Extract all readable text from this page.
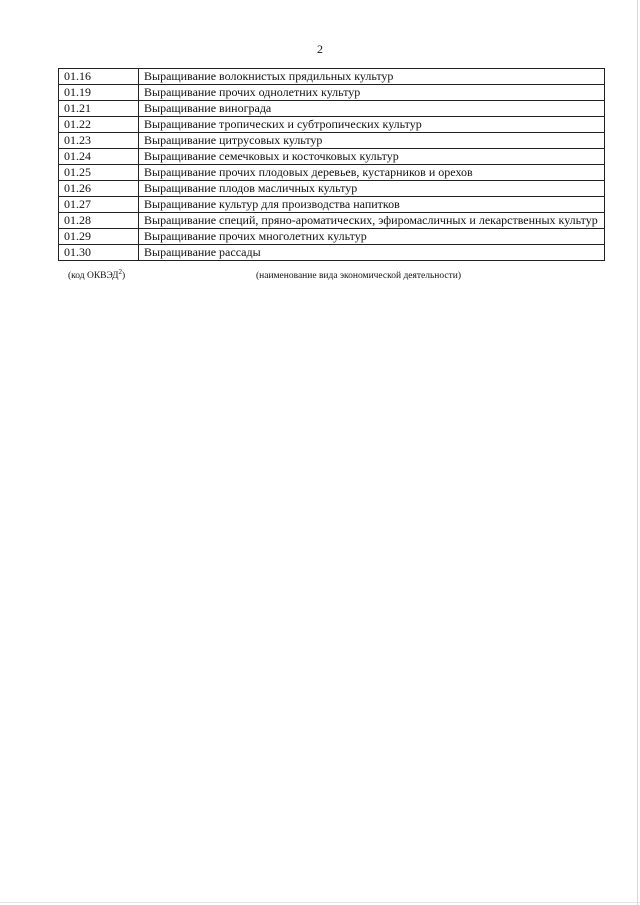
2
01.16	Выращивание волокнистых прядильных культур
01.19	Выращивание прочих однолетних культур
01.21	Выращивание винограда
01.22	Выращивание тропических и субтропических культур
01.23	Выращивание цитрусовых культур
01.24	Выращивание семечковых и косточковых культур
01.25	Выращивание прочих плодовых деревьев, кустарников и орехов
01.26	Выращивание плодов масличных культур
01.27	Выращивание культур для производства напитков
01.28	Выращивание специй, пряно-ароматических, эфиромасличных и лекарственных культур
01.29	Выращивание прочих многолетних культур
01.30	Выращивание рассады
(код ОКВЭД$^2$)	(наименование вида экономической деятельности)
